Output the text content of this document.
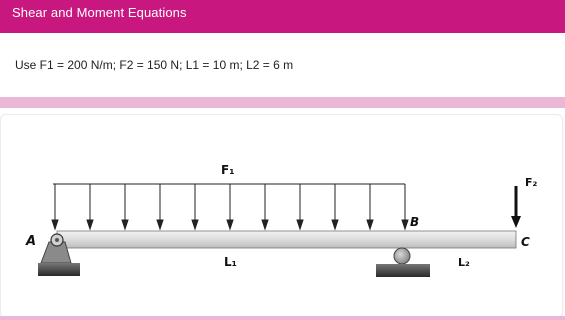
Shear and Moment Equations
Use F1 = 200 N/m; F2 = 150 N; L1 = 10 m; L2 = 6 m
F₁
F₂
A
B
C
L₁	L₂
